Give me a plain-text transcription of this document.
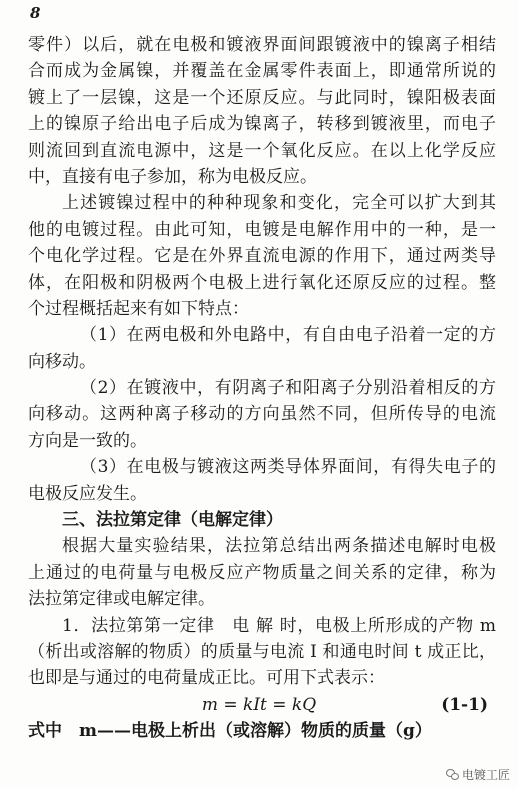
8
零件）以后，就在电极和镀液界面间跟镀液中的镍离子相结
合而成为金属镍，并覆盖在金属零件表面上，即通常所说的
镀上了一层镍，这是一个还原反应。与此同时，镍阳极表面
上的镍原子给出电子后成为镍离子，转移到镀液里，而电子
则流回到直流电源中，这是一个氧化反应。在以上化学反应
中，直接有电子参加，称为电极反应。
上述镀镍过程中的种种现象和变化，完全可以扩大到其
他的电镀过程。由此可知，电镀是电解作用中的一种，是一
个电化学过程。它是在外界直流电源的作用下，通过两类导
体，在阳极和阴极两个电极上进行氧化还原反应的过程。整
个过程概括起来有如下特点：
（1）在两电极和外电路中，有自由电子沿着一定的方
向移动。
（2）在镀液中，有阴离子和阳离子分别沿着相反的方
向移动。这两种离子移动的方向虽然不同，但所传导的电流
方向是一致的。
（3）在电极与镀液这两类导体界面间，有得失电子的
电极反应发生。
三、法拉第定律（电解定律）
根据大量实验结果，法拉第总结出两条描述电解时电极
上通过的电荷量与电极反应产物质量之间关系的定律，称为
法拉第定律或电解定律。
1．法拉第第一定律　电 解 时，电极上所形成的产物 m
（析出或溶解的物质）的质量与电流 I 和通电时间 t 成正比，
也即是与通过的电荷量成正比。可用下式表示：
m = kIt = kQ	(1-1)
式中　m——电极上析出（或溶解）物质的质量（g）
电镀工匠
